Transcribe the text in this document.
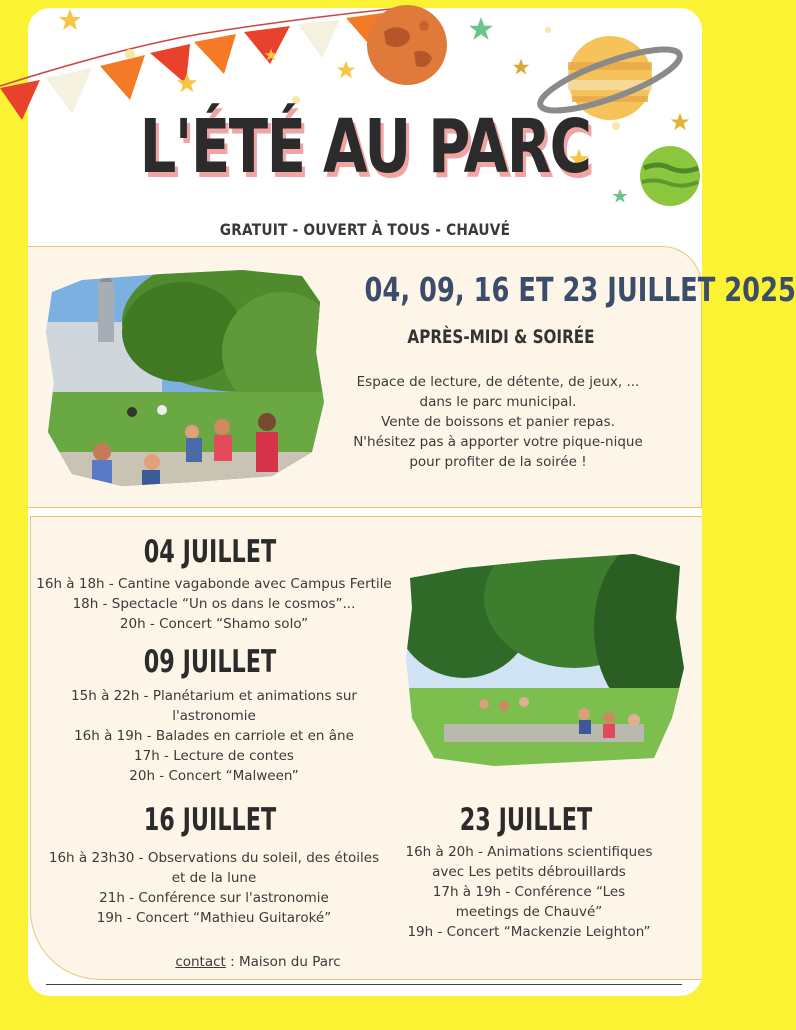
L'ÉTÉ AU PARC
GRATUIT - OUVERT À TOUS - CHAUVÉ
04, 09, 16 ET 23 JUILLET 2025
APRÈS-MIDI & SOIRÉE
Espace de lecture, de détente, de jeux, ...
dans le parc municipal.
Vente de boissons et panier repas.
N'hésitez pas à apporter votre pique-nique
pour profiter de la soirée !
04 JUILLET
16h à 18h - Cantine vagabonde avec Campus Fertile
18h - Spectacle “Un os dans le cosmos”...
20h - Concert “Shamo solo”
09 JUILLET
15h à 22h - Planétarium et animations sur
l'astronomie
16h à 19h - Balades en carriole et en âne
17h - Lecture de contes
20h - Concert “Malween”
16 JUILLET
16h à 23h30 - Observations du soleil, des étoiles
et de la lune
21h - Conférence sur l'astronomie
19h - Concert “Mathieu Guitaroké”
23 JUILLET
16h à 20h - Animations scientifiques
avec Les petits débrouillards
17h à 19h - Conférence “Les
meetings de Chauvé”
19h - Concert “Mackenzie Leighton”
contact : Maison du Parc
